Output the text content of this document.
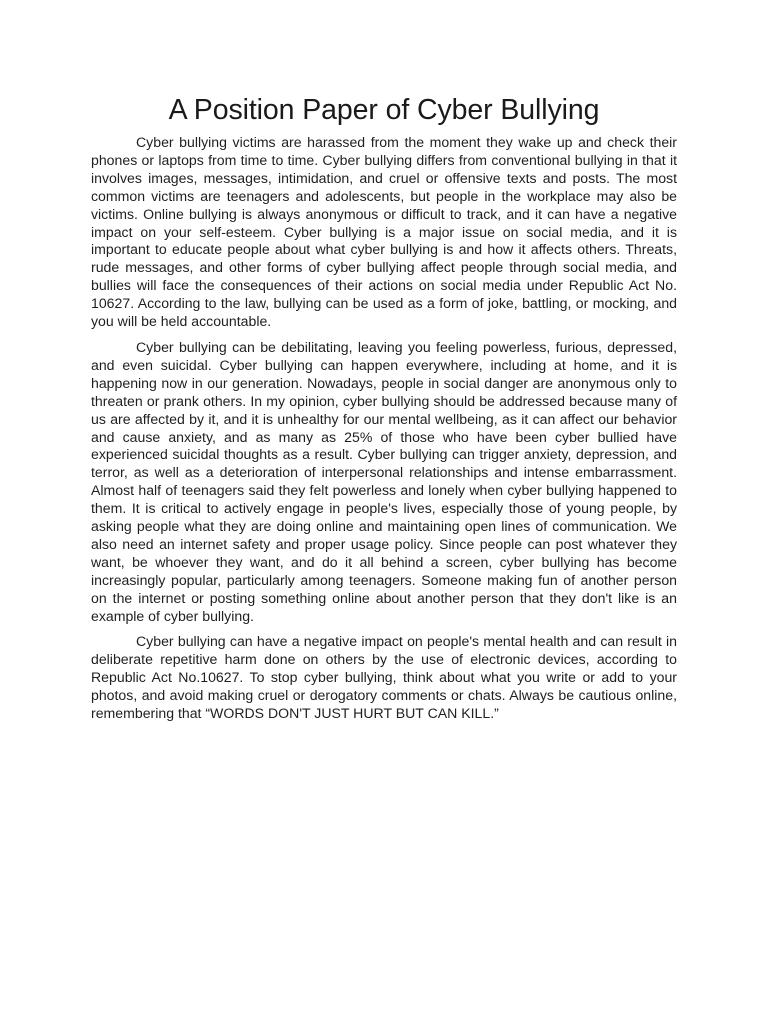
A Position Paper of Cyber Bullying

Cyber bullying victims are harassed from the moment they wake up and check their phones or laptops from time to time. Cyber bullying differs from conventional bullying in that it involves images, messages, intimidation, and cruel or offensive texts and posts. The most common victims are teenagers and adolescents, but people in the workplace may also be victims. Online bullying is always anonymous or difficult to track, and it can have a negative impact on your self-esteem. Cyber bullying is a major issue on social media, and it is important to educate people about what cyber bullying is and how it affects others. Threats, rude messages, and other forms of cyber bullying affect people through social media, and bullies will face the consequences of their actions on social media under Republic Act No. 10627. According to the law, bullying can be used as a form of joke, battling, or mocking, and you will be held accountable.

Cyber bullying can be debilitating, leaving you feeling powerless, furious, depressed, and even suicidal. Cyber bullying can happen everywhere, including at home, and it is happening now in our generation. Nowadays, people in social danger are anonymous only to threaten or prank others. In my opinion, cyber bullying should be addressed because many of us are affected by it, and it is unhealthy for our mental wellbeing, as it can affect our behavior and cause anxiety, and as many as 25% of those who have been cyber bullied have experienced suicidal thoughts as a result. Cyber bullying can trigger anxiety, depression, and terror, as well as a deterioration of interpersonal relationships and intense embarrassment. Almost half of teenagers said they felt powerless and lonely when cyber bullying happened to them. It is critical to actively engage in people's lives, especially those of young people, by asking people what they are doing online and maintaining open lines of communication. We also need an internet safety and proper usage policy. Since people can post whatever they want, be whoever they want, and do it all behind a screen, cyber bullying has become increasingly popular, particularly among teenagers. Someone making fun of another person on the internet or posting something online about another person that they don't like is an example of cyber bullying.

Cyber bullying can have a negative impact on people's mental health and can result in deliberate repetitive harm done on others by the use of electronic devices, according to Republic Act No.10627. To stop cyber bullying, think about what you write or add to your photos, and avoid making cruel or derogatory comments or chats. Always be cautious online, remembering that “WORDS DON'T JUST HURT BUT CAN KILL.”
